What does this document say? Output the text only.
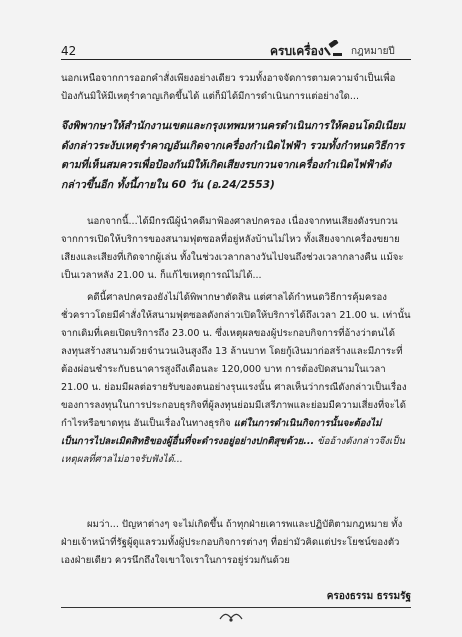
42	ครบเครื่อง	กฎหมายปี
นอกเหนือจากการออกคำสั่งเพียงอย่างเดียว รวมทั้งอาจจัดการตามความจำเป็นเพื่อป้องกันมิให้มีเหตุรำคาญเกิดขึ้นได้ แต่ก็มิได้มีการดำเนินการแต่อย่างใด...
จึงพิพากษาให้สำนักงานเขตและกรุงเทพมหานครดำเนินการให้คอนโดมิเนียมดังกล่าวระงับเหตุรำคาญอันเกิดจากเครื่องกำเนิดไฟฟ้า รวมทั้งกำหนดวิธีการตามที่เห็นสมควรเพื่อป้องกันมิให้เกิดเสียงรบกวนจากเครื่องกำเนิดไฟฟ้าดังกล่าวขึ้นอีก ทั้งนี้ภายใน 60 วัน (อ.24/2553)
นอกจากนี้...ได้มีกรณีผู้นำคดีมาฟ้องศาลปกครอง เนื่องจากทนเสียงดังรบกวนจากการเปิดให้บริการของสนามฟุตซอลที่อยู่หลังบ้านไม่ไหว ทั้งเสียงจากเครื่องขยายเสียงและเสียงที่เกิดจากผู้เล่น ทั้งในช่วงเวลากลางวันไปจนถึงช่วงเวลากลางคืน แม้จะเป็นเวลาหลัง 21.00 น. ก็แก้ไขเหตุการณ์ไม่ได้...
คดีนี้ศาลปกครองยังไม่ได้พิพากษาตัดสิน แต่ศาลได้กำหนดวิธีการคุ้มครองชั่วคราวโดยมีคำสั่งให้สนามฟุตซอลดังกล่าวเปิดให้บริการได้ถึงเวลา 21.00 น. เท่านั้น จากเดิมที่เคยเปิดบริการถึง 23.00 น. ซึ่งเหตุผลของผู้ประกอบกิจการที่อ้างว่าตนได้ลงทุนสร้างสนามด้วยจำนวนเงินสูงถึง 13 ล้านบาท โดยกู้เงินมาก่อสร้างและมีภาระที่ต้องผ่อนชำระกับธนาคารสูงถึงเดือนละ 120,000 บาท การต้องปิดสนามในเวลา 21.00 น. ย่อมมีผลต่อรายรับของตนอย่างรุนแรงนั้น ศาลเห็นว่ากรณีดังกล่าวเป็นเรื่องของการลงทุนในการประกอบธุรกิจที่ผู้ลงทุนย่อมมีเสรีภาพและย่อมมีความเสี่ยงที่จะได้กำไรหรือขาดทุน อันเป็นเรื่องในทางธุรกิจ แต่ในการดำเนินกิจการนั้นจะต้องไม่เป็นการไปละเมิดสิทธิของผู้อื่นที่จะดำรงอยู่อย่างปกติสุขด้วย... ข้ออ้างดังกล่าวจึงเป็นเหตุผลที่ศาลไม่อาจรับฟังได้...
ผมว่า... ปัญหาต่างๆ จะไม่เกิดขึ้น ถ้าทุกฝ่ายเคารพและปฏิบัติตามกฎหมาย ทั้งฝ่ายเจ้าหน้าที่รัฐผู้ดูแลรวมทั้งผู้ประกอบกิจการต่างๆ ที่อย่ามัวคิดแต่ประโยชน์ของตัวเองฝ่ายเดียว ควรนึกถึงใจเขาใจเราในการอยู่ร่วมกันด้วย
ครองธรรม ธรรมรัฐ
